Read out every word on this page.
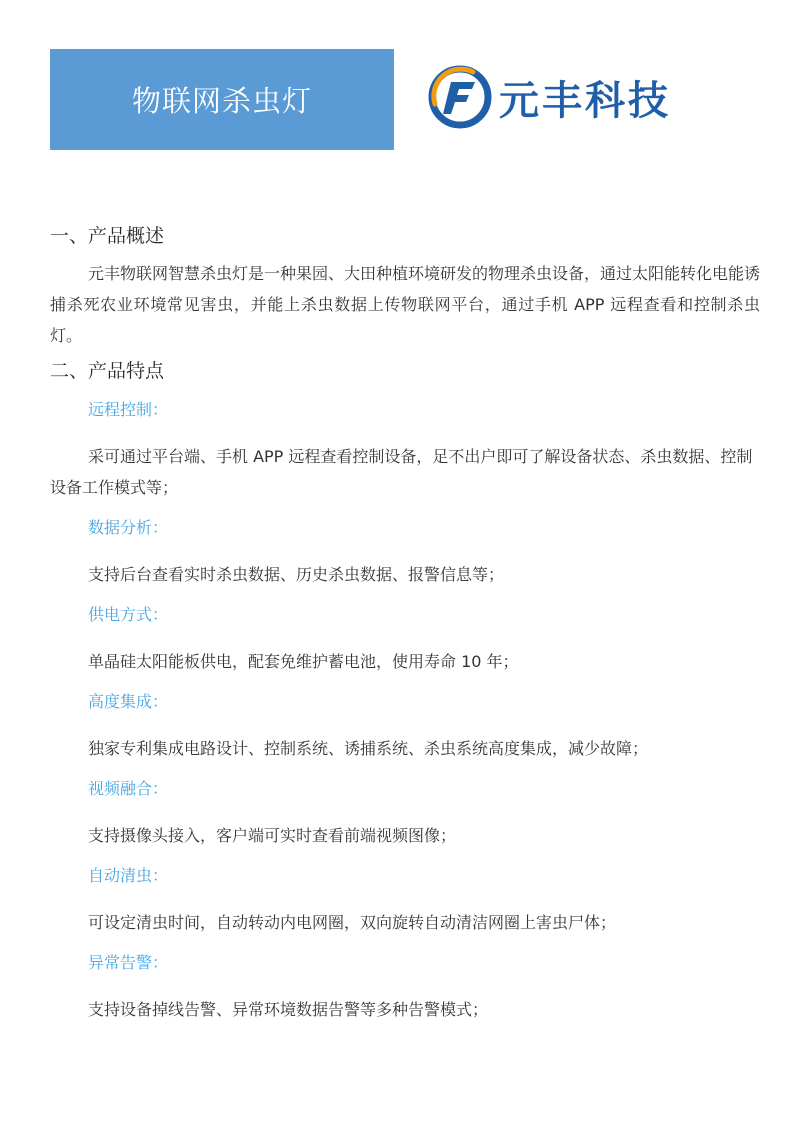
物联网杀虫灯	元丰科技
一、产品概述

元丰物联网智慧杀虫灯是一种果园、大田种植环境研发的物理杀虫设备，通过太阳能转化电能诱捕杀死农业环境常见害虫，并能上杀虫数据上传物联网平台，通过手机 APP 远程查看和控制杀虫灯。

二、产品特点
远程控制：

采可通过平台端、手机 APP 远程查看控制设备，足不出户即可了解设备状态、杀虫数据、控制设备工作模式等；

数据分析：

支持后台查看实时杀虫数据、历史杀虫数据、报警信息等；

供电方式：

单晶硅太阳能板供电，配套免维护蓄电池，使用寿命 10 年；

高度集成：

独家专利集成电路设计、控制系统、诱捕系统、杀虫系统高度集成，减少故障；

视频融合：

支持摄像头接入，客户端可实时查看前端视频图像；

自动清虫：

可设定清虫时间，自动转动内电网圈，双向旋转自动清洁网圈上害虫尸体；

异常告警：

支持设备掉线告警、异常环境数据告警等多种告警模式；
